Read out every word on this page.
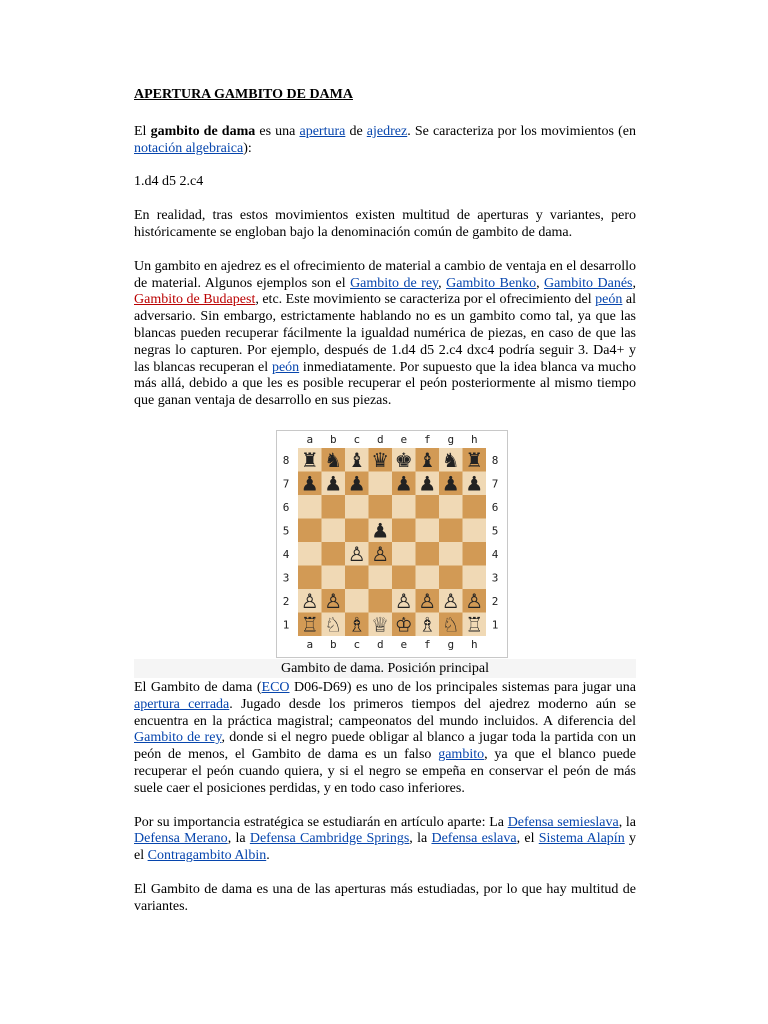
APERTURA GAMBITO DE DAMA

El gambito de dama es una apertura de ajedrez. Se caracteriza por los movimientos (en notación algebraica):

1.d4 d5 2.c4

En realidad, tras estos movimientos existen multitud de aperturas y variantes, pero históricamente se engloban bajo la denominación común de gambito de dama.

Un gambito en ajedrez es el ofrecimiento de material a cambio de ventaja en el desarrollo de material. Algunos ejemplos son el Gambito de rey, Gambito Benko, Gambito Danés, Gambito de Budapest, etc. Este movimiento se caracteriza por el ofrecimiento del peón al adversario. Sin embargo, estrictamente hablando no es un gambito como tal, ya que las blancas pueden recuperar fácilmente la igualdad numérica de piezas, en caso de que las negras lo capturen. Por ejemplo, después de 1.d4 d5 2.c4 dxc4 podría seguir 3. Da4+ y las blancas recuperan el peón inmediatamente. Por supuesto que la idea blanca va mucho más allá, debido a que les es posible recuperar el peón posteriormente al mismo tiempo que ganan ventaja de desarrollo en sus piezas.

♜ ♞ ♝ ♛ ♚ ♝ ♞ ♜
♟ ♟ ♟ ♟ ♟ ♟ ♟
♟
♙ ♙
♙ ♙	♙ ♙ ♙ ♙
♖ ♘ ♗ ♕ ♔ ♗ ♘ ♖
a
a
b
b
c
c
d
d
e
e
f
f
g
g
h
h
8	8
7	7
6	6
5	5
4	4
3	3
2	2
1	1
Gambito de dama. Posición principal

El Gambito de dama (ECO D06-D69) es uno de los principales sistemas para jugar una apertura cerrada. Jugado desde los primeros tiempos del ajedrez moderno aún se encuentra en la práctica magistral; campeonatos del mundo incluidos. A diferencia del Gambito de rey, donde si el negro puede obligar al blanco a jugar toda la partida con un peón de menos, el Gambito de dama es un falso gambito, ya que el blanco puede recuperar el peón cuando quiera, y si el negro se empeña en conservar el peón de más suele caer el posiciones perdidas, y en todo caso inferiores.

Por su importancia estratégica se estudiarán en artículo aparte: La Defensa semieslava, la Defensa Merano, la Defensa Cambridge Springs, la Defensa eslava, el Sistema Alapín y el Contragambito Albin.

El Gambito de dama es una de las aperturas más estudiadas, por lo que hay multitud de variantes.
